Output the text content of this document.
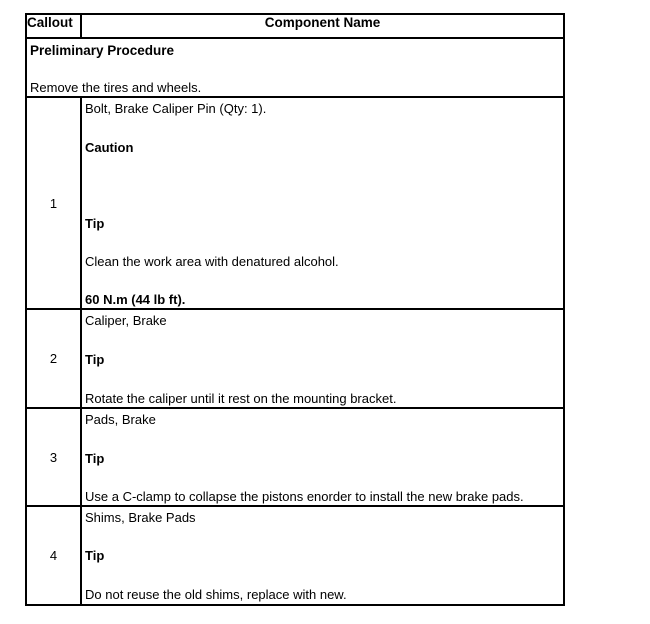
Callout	Component Name

Preliminary Procedure
Remove the tires and wheels.	

1	Bolt, Brake Caliper Pin (Qty: 1).
Caution
Tip
Clean the work area with denatured alcohol.
60 N.m (44 lb ft).

2	Caliper, Brake
Tip
Rotate the caliper until it rest on the mounting bracket.

3	Pads, Brake
Tip
Use a C-clamp to collapse the pistons enorder to install the new brake pads.

4	Shims, Brake Pads
Tip
Do not reuse the old shims, replace with new.
